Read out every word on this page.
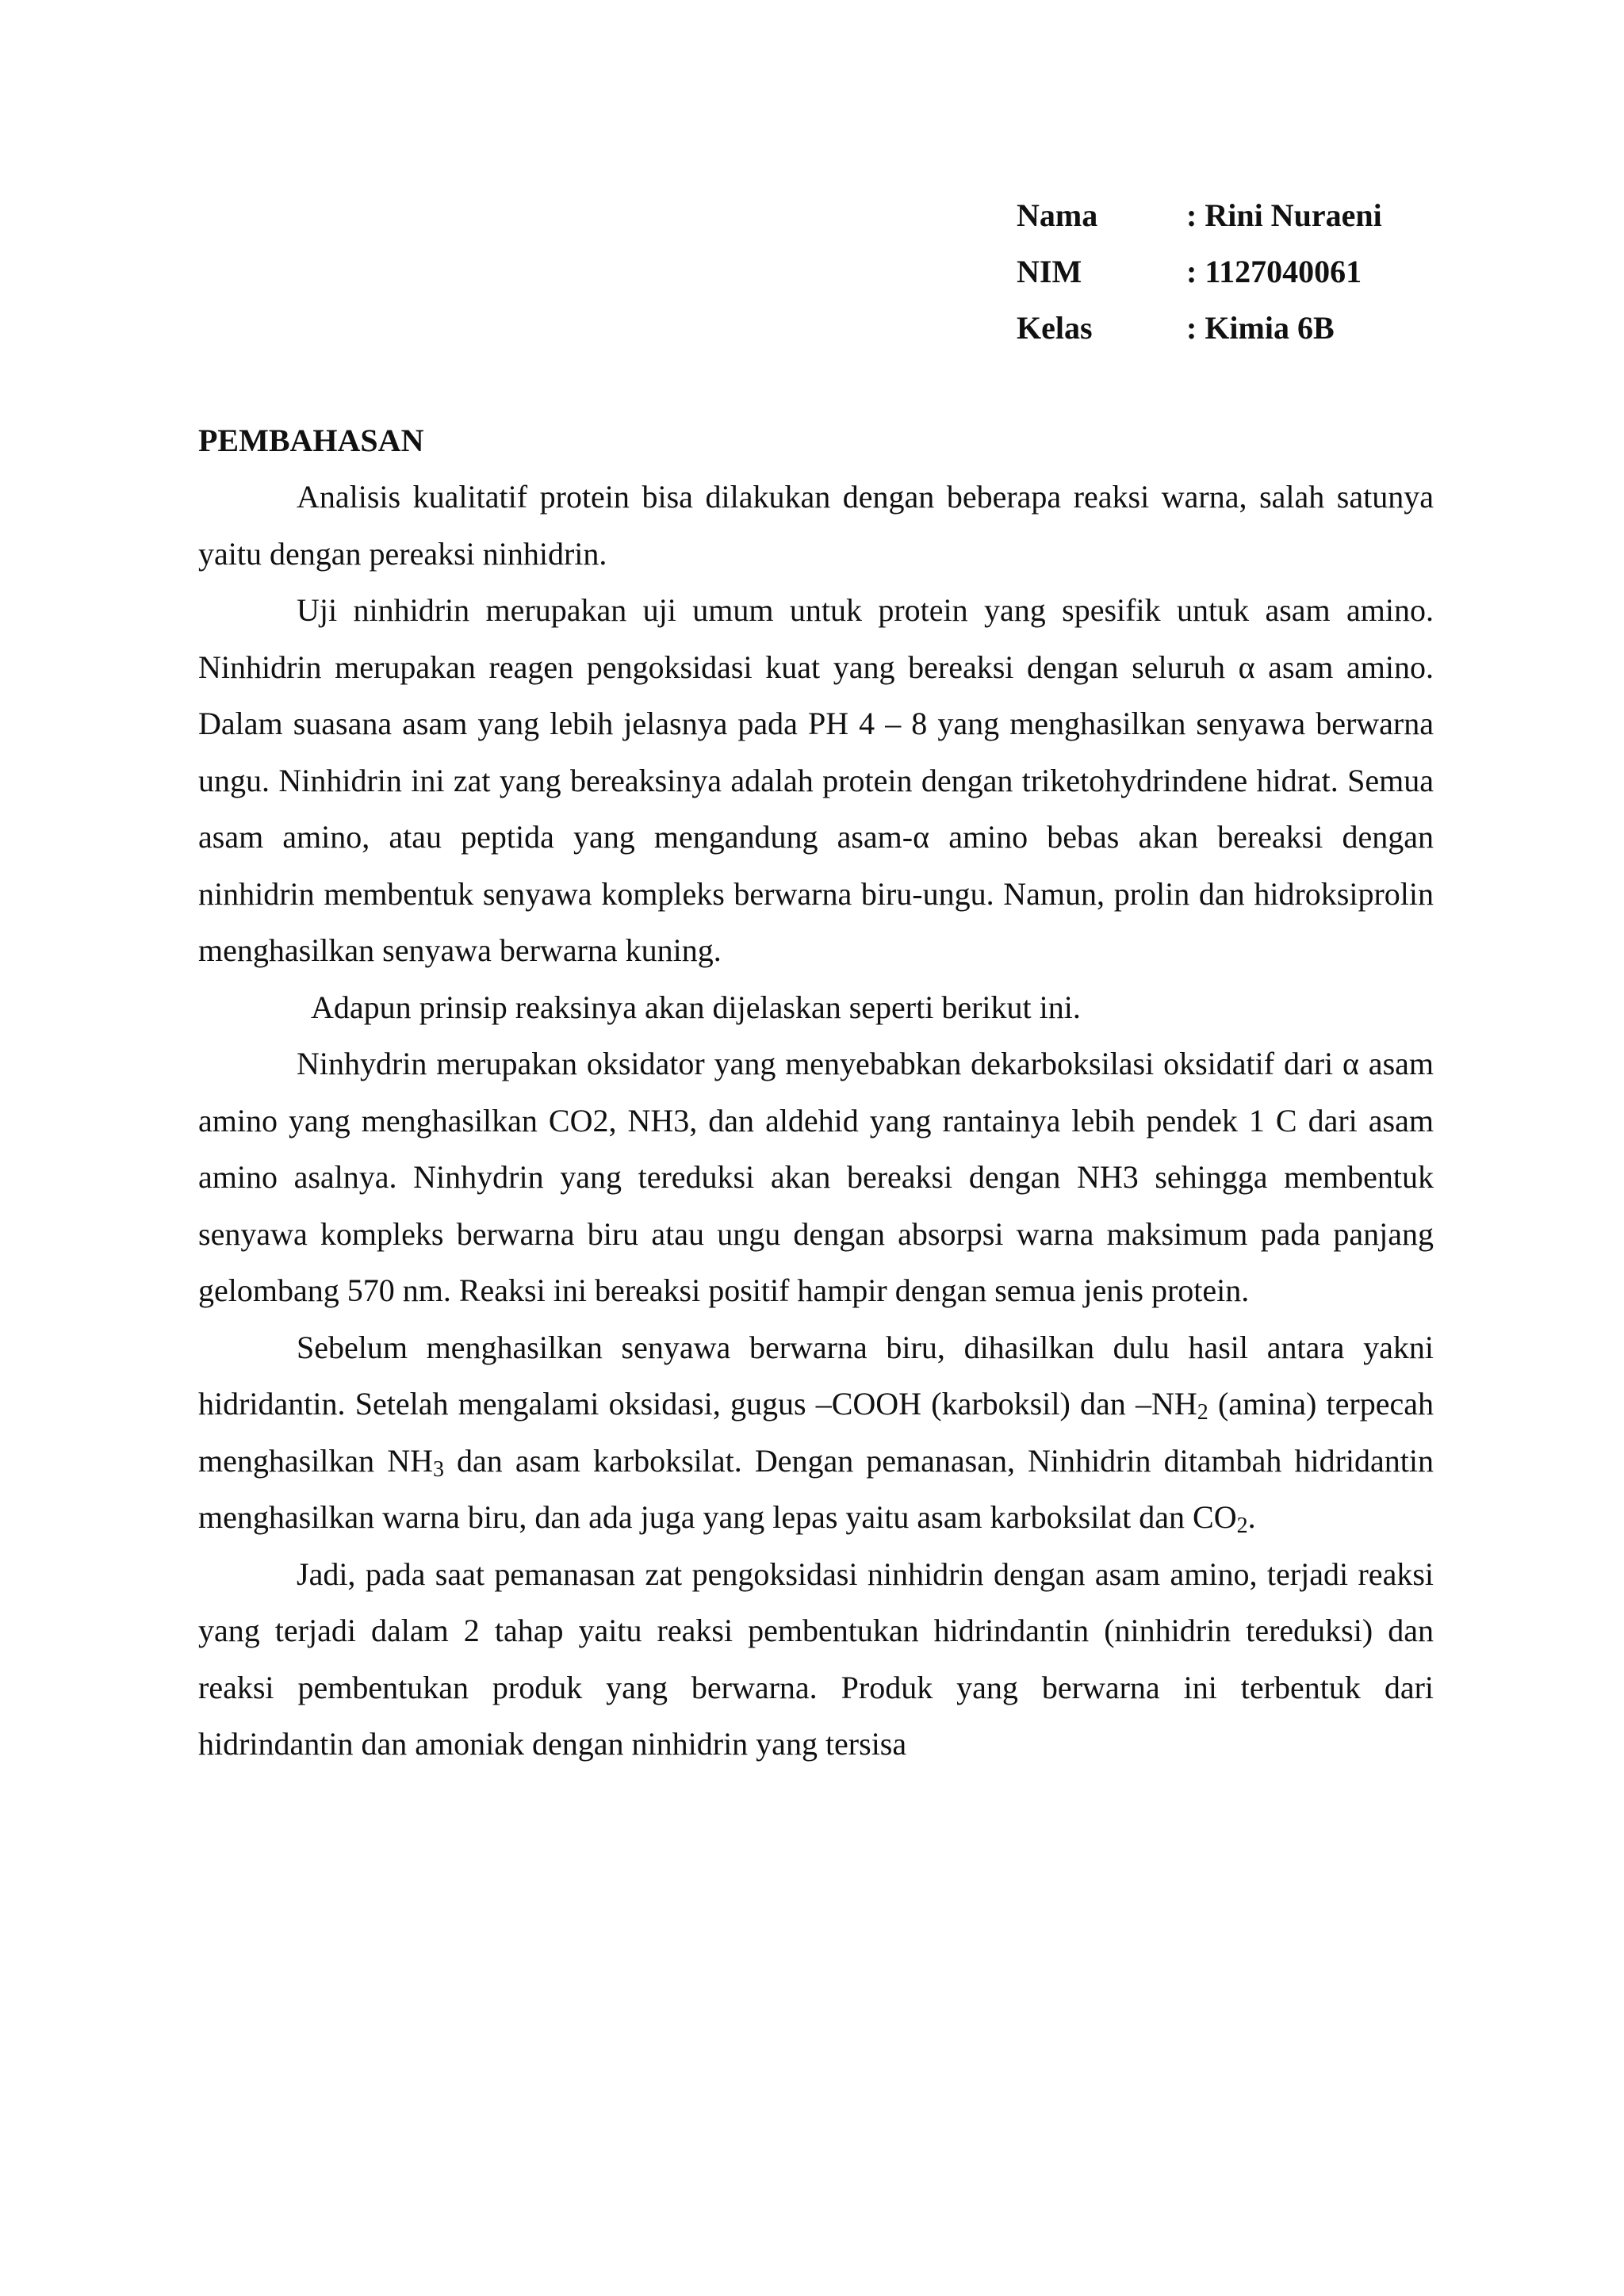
Nama	: Rini Nuraeni
NIM	: 1127040061
Kelas	: Kimia 6B
PEMBAHASAN

Analisis kualitatif protein bisa dilakukan dengan beberapa reaksi warna, salah satunya yaitu dengan pereaksi ninhidrin.

Uji ninhidrin merupakan uji umum untuk protein yang spesifik untuk asam amino. Ninhidrin merupakan reagen pengoksidasi kuat yang bereaksi dengan seluruh α asam amino. Dalam suasana asam yang lebih jelasnya pada PH 4 – 8 yang menghasilkan senyawa berwarna ungu. Ninhidrin ini zat yang bereaksinya adalah protein dengan triketohydrindene hidrat. Semua asam amino, atau peptida yang mengandung asam-α amino bebas akan bereaksi dengan ninhidrin membentuk senyawa kompleks berwarna biru-ungu. Namun, prolin dan hidroksiprolin menghasilkan senyawa berwarna kuning.

Adapun prinsip reaksinya akan dijelaskan seperti berikut ini.

Ninhydrin merupakan oksidator yang menyebabkan dekarboksilasi oksidatif dari α asam amino yang menghasilkan CO2, NH3, dan aldehid yang rantainya lebih pendek 1 C dari asam amino asalnya. Ninhydrin yang tereduksi akan bereaksi dengan NH3 sehingga membentuk senyawa kompleks berwarna biru atau ungu dengan absorpsi warna maksimum pada panjang gelombang 570 nm. Reaksi ini bereaksi positif hampir dengan semua jenis protein.

Sebelum menghasilkan senyawa berwarna biru, dihasilkan dulu hasil antara yakni hidridantin. Setelah mengalami oksidasi, gugus –COOH (karboksil) dan $-NH_2$ (amina) terpecah menghasilkan $NH_3$ dan asam karboksilat. Dengan pemanasan, Ninhidrin ditambah hidridantin menghasilkan warna biru, dan ada juga yang lepas yaitu asam karboksilat dan $CO_2$.

Jadi, pada saat pemanasan zat pengoksidasi ninhidrin dengan asam amino, terjadi reaksi yang terjadi dalam 2 tahap yaitu reaksi pembentukan hidrindantin (ninhidrin tereduksi) dan reaksi pembentukan produk yang berwarna. Produk yang berwarna ini terbentuk dari hidrindantin dan amoniak dengan ninhidrin yang tersisa
